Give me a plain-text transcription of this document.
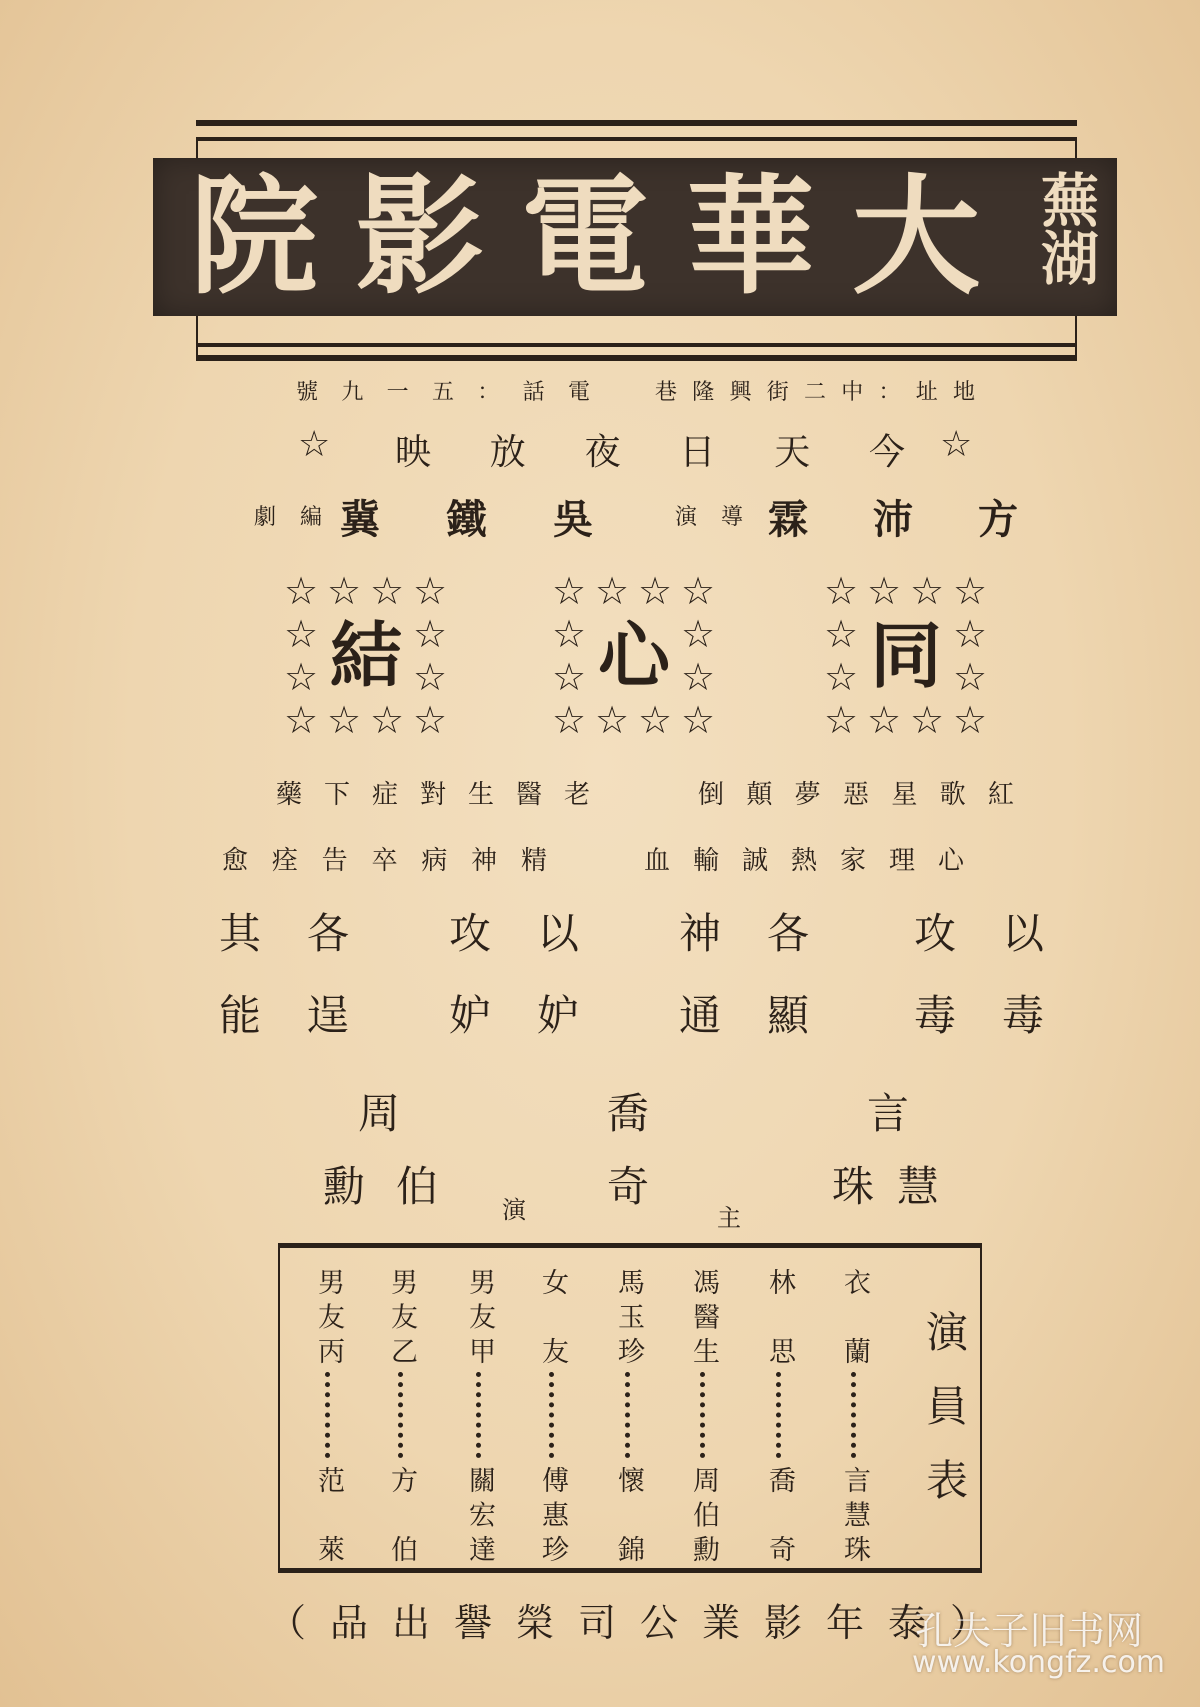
大華電影院 蕪湖
地址：中二街興隆巷
電話：五一九號
☆
今天日夜放映
☆
方沛霖
導演
吳鐵冀
編劇
同
☆ ☆ ☆ ☆
☆ ☆
☆ ☆
☆ ☆ ☆ ☆
心
☆ ☆ ☆ ☆
☆ ☆
☆ ☆
☆ ☆ ☆ ☆
結
☆ ☆ ☆ ☆
☆ ☆
☆ ☆
☆ ☆ ☆ ☆
紅歌星惡夢顛倒
老醫生對症下藥
心理家熱誠輸血
精神病卒告痊愈
以毒攻毒
各顯神通
以妒攻妒
各逞其能
言
慧
珠
喬
奇
周
伯
勳
主
演
演員表
衣蘭
言慧珠
林思
喬奇
馮醫生
周伯勳
馬玉珍
懷錦
女友
傅惠珍
男友甲
關宏達
男友乙
方伯
男友丙
范萊
（泰年影業公司榮譽出品）
孔夫子旧书网
www.kongfz.com
